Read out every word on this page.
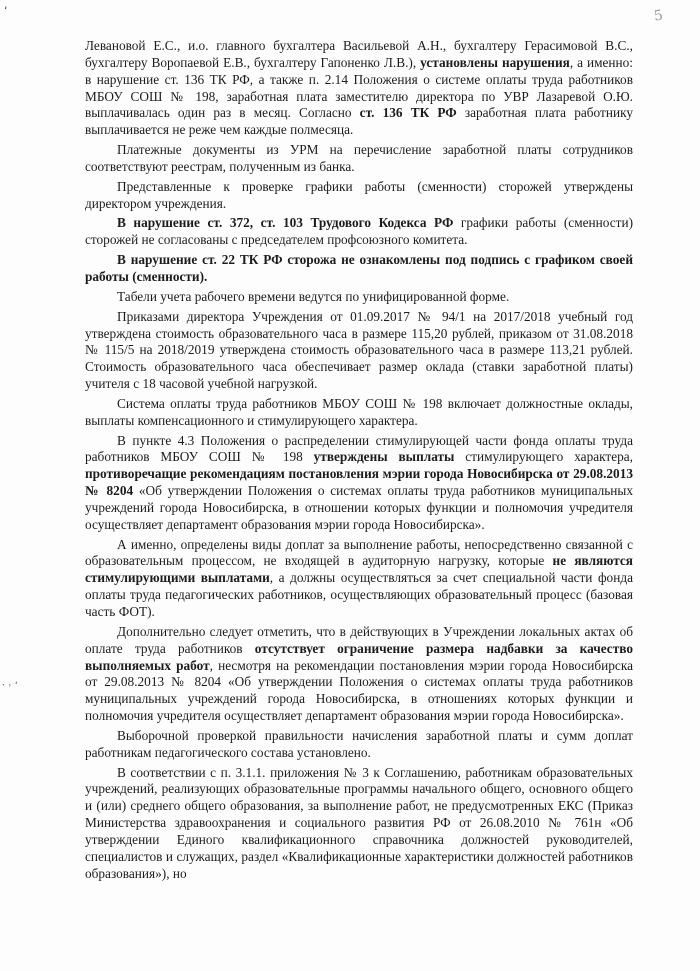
ʻ	5
ˑ ˒ ʻ

Левановой Е.С., и.о. главного бухгалтера Васильевой А.Н., бухгалтеру Герасимовой В.С., бухгалтеру Воропаевой Е.В., бухгалтеру Гапоненко Л.В.), установлены нарушения, а именно: в нарушение ст. 136 ТК РФ, а также п. 2.14 Положения о системе оплаты труда работников МБОУ СОШ № 198, заработная плата заместителю директора по УВР Лазаревой О.Ю. выплачивалась один раз в месяц. Согласно ст. 136 ТК РФ заработная плата работнику выплачивается не реже чем каждые полмесяца.

Платежные документы из УРМ на перечисление заработной платы сотрудников соответствуют реестрам, полученным из банка.

Представленные к проверке графики работы (сменности) сторожей утверждены директором учреждения.

В нарушение ст. 372, ст. 103 Трудового Кодекса РФ графики работы (сменности) сторожей не согласованы с председателем профсоюзного комитета.

В нарушение ст. 22 ТК РФ сторожа не ознакомлены под подпись с графиком своей работы (сменности).

Табели учета рабочего времени ведутся по унифицированной форме.

Приказами директора Учреждения от 01.09.2017 № 94/1 на 2017/2018 учебный год утверждена стоимость образовательного часа в размере 115,20 рублей, приказом от 31.08.2018 № 115/5 на 2018/2019 утверждена стоимость образовательного часа в размере 113,21 рублей. Стоимость образовательного часа обеспечивает размер оклада (ставки заработной платы) учителя с 18 часовой учебной нагрузкой.

Система оплаты труда работников МБОУ СОШ № 198 включает должностные оклады, выплаты компенсационного и стимулирующего характера.

В пункте 4.3 Положения о распределении стимулирующей части фонда оплаты труда работников МБОУ СОШ № 198 утверждены выплаты стимулирующего характера, противоречащие рекомендациям постановления мэрии города Новосибирска от 29.08.2013 № 8204 «Об утверждении Положения о системах оплаты труда работников муниципальных учреждений города Новосибирска, в отношении которых функции и полномочия учредителя осуществляет департамент образования мэрии города Новосибирска».

А именно, определены виды доплат за выполнение работы, непосредственно связанной с образовательным процессом, не входящей в аудиторную нагрузку, которые не являются стимулирующими выплатами, а должны осуществляться за счет специальной части фонда оплаты труда педагогических работников, осуществляющих образовательный процесс (базовая часть ФОТ).

Дополнительно следует отметить, что в действующих в Учреждении локальных актах об оплате труда работников отсутствует ограничение размера надбавки за качество выполняемых работ, несмотря на рекомендации постановления мэрии города Новосибирска от 29.08.2013 № 8204 «Об утверждении Положения о системах оплаты труда работников муниципальных учреждений города Новосибирска, в отношениях которых функции и полномочия учредителя осуществляет департамент образования мэрии города Новосибирска».

Выборочной проверкой правильности начисления заработной платы и сумм доплат работникам педагогического состава установлено.

В соответствии с п. 3.1.1. приложения № 3 к Соглашению, работникам образовательных учреждений, реализующих образовательные программы начального общего, основного общего и (или) среднего общего образования, за выполнение работ, не предусмотренных ЕКС (Приказ Министерства здравоохранения и социального развития РФ от 26.08.2010 № 761н «Об утверждении Единого квалификационного справочника должностей руководителей, специалистов и служащих, раздел «Квалификационные характеристики должностей работников образования»), но
